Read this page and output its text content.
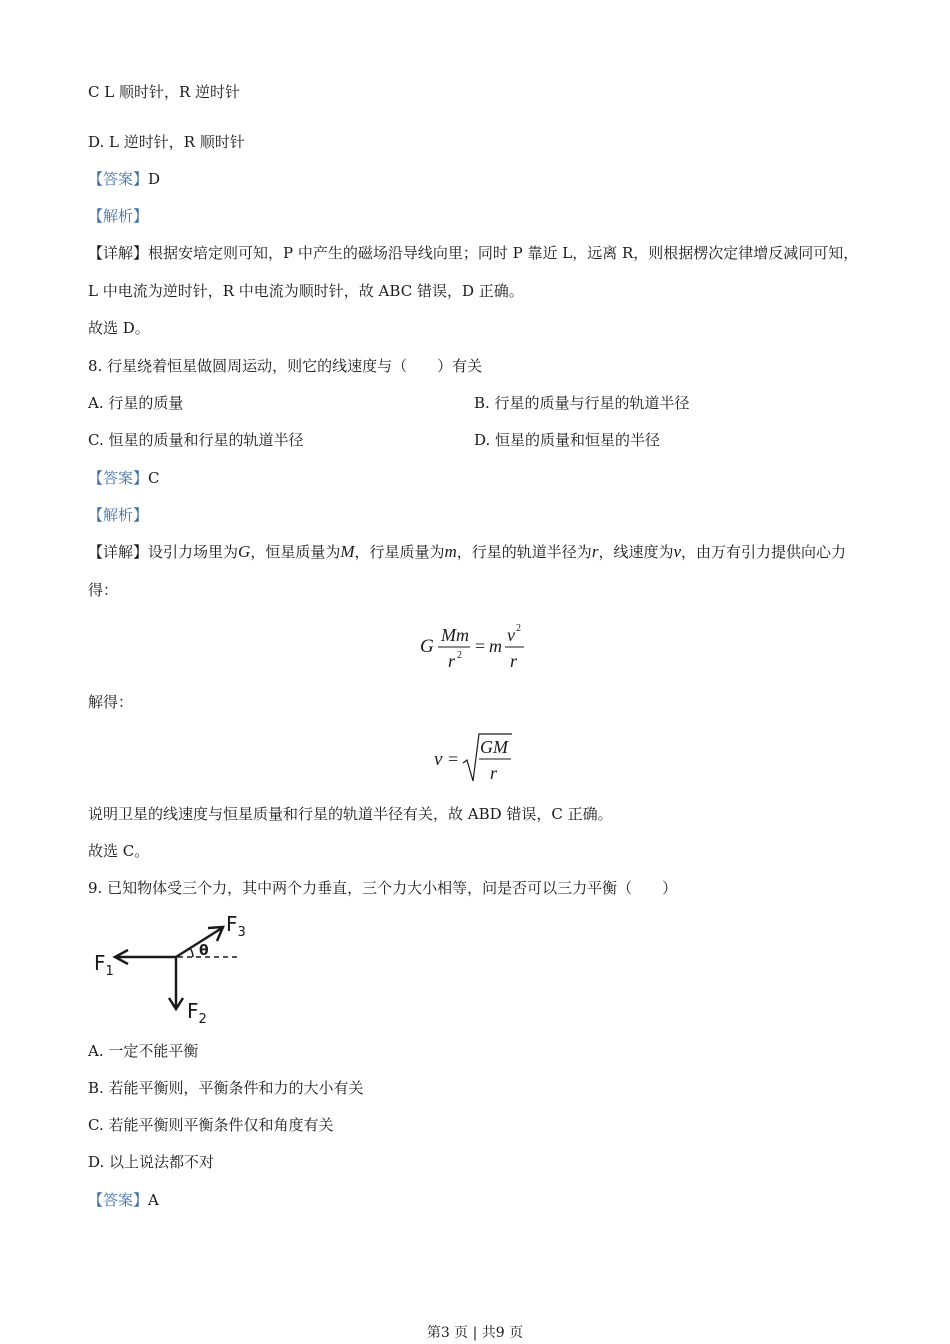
C L 顺时针，R 逆时针
D. L 逆时针，R 顺时针
【答案】D
【解析】
【详解】根据安培定则可知，P 中产生的磁场沿导线向里；同时 P 靠近 L，远离 R，则根据楞次定律增反减同可知，L 中电流为逆时针，R 中电流为顺时针，故 ABC 错误，D 正确。
故选 D。
8. 行星绕着恒星做圆周运动，则它的线速度与（　　）有关
A. 行星的质量	B. 行星的质量与行星的轨道半径
C. 恒星的质量和行星的轨道半径	D. 恒星的质量和恒星的半径
【答案】C
【解析】
【详解】设引力场里为G，恒星质量为M，行星质量为m，行星的轨道半径为r，线速度为v，由万有引力提供向心力得：
G
Mm
r 2 = m
v 2
r
解得：
v =
GM
r
说明卫星的线速度与恒星质量和行星的轨道半径有关，故 ABD 错误，C 正确。
故选 C。
9. 已知物体受三个力，其中两个力垂直，三个力大小相等，问是否可以三力平衡（　　）
θ
$F_1$
$F_2$
$F_3$
A. 一定不能平衡
B. 若能平衡则，平衡条件和力的大小有关
C. 若能平衡则平衡条件仅和角度有关
D. 以上说法都不对
【答案】A
第3 页 | 共9 页
